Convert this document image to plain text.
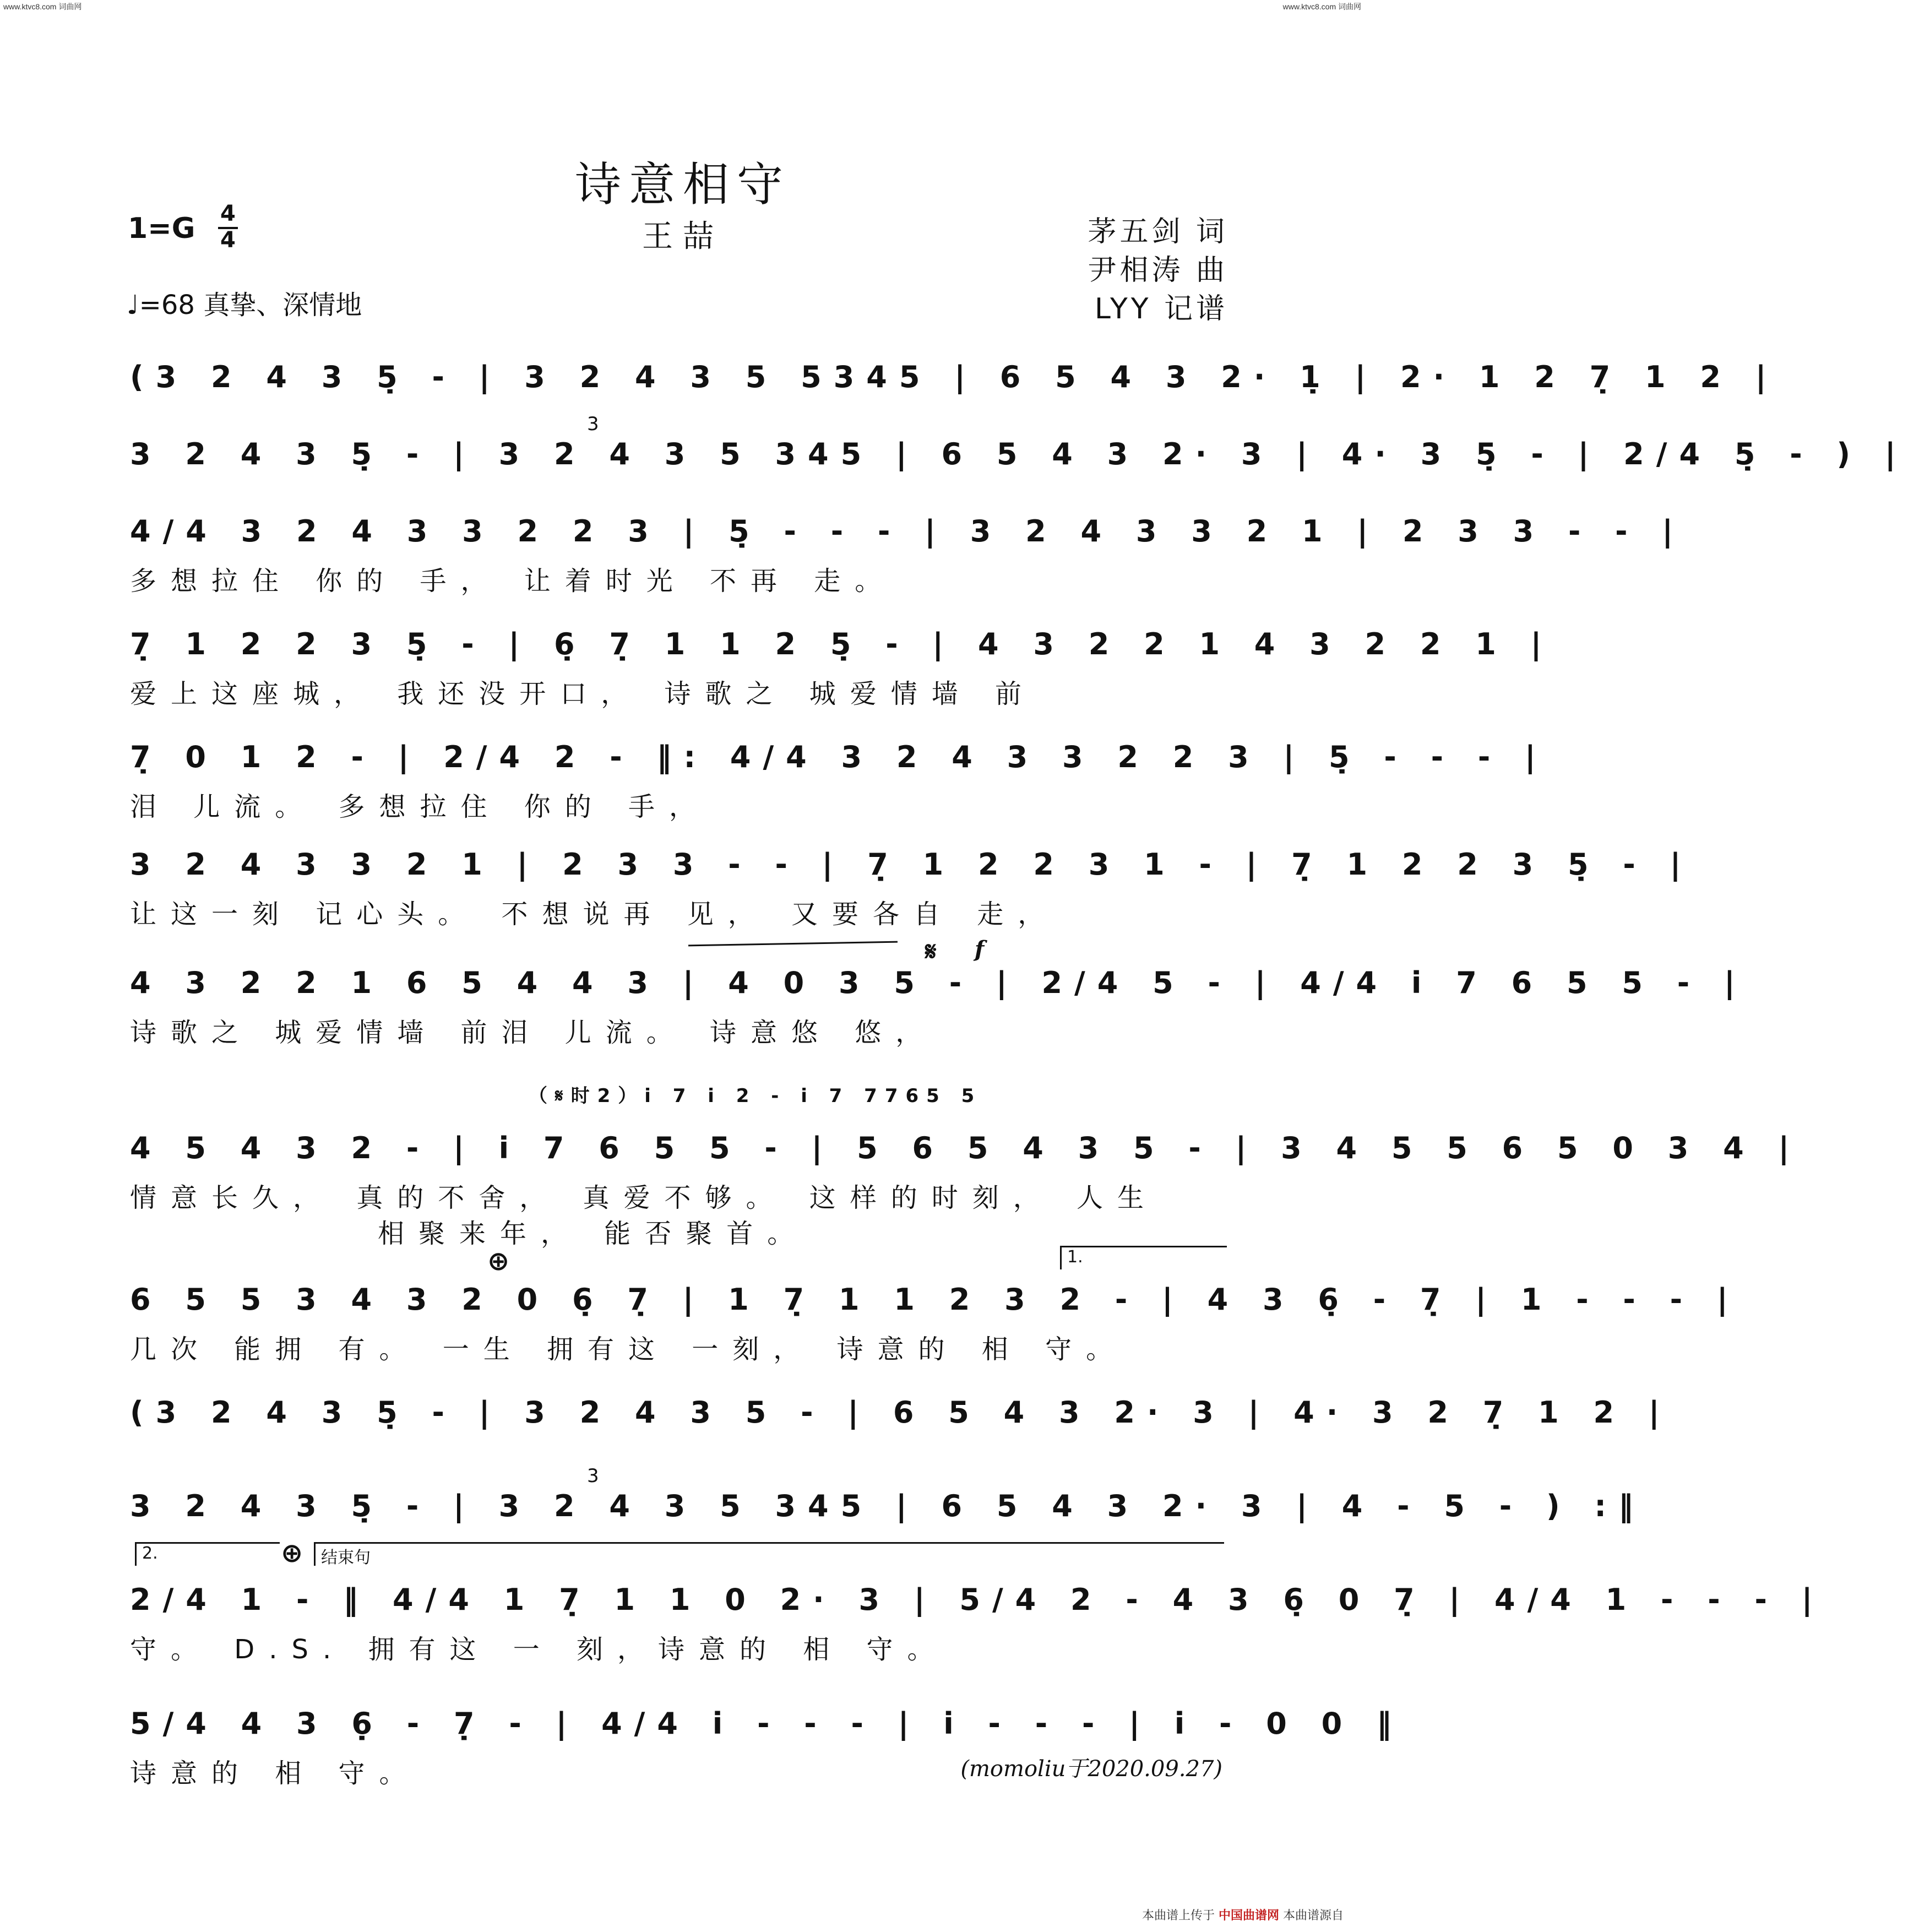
www.ktvc8.com 词曲网	www.ktvc8.com 词曲网
诗意相守
王喆
1=G 4
4
♩=68 真挚、深情地
茅五剑 词
尹相涛 曲
LYY 记谱
(3 2 4 3 5̣ - | 3 2 4 3 5 5345 | 6 5 4 3 2· 1̣ | 2· 1 2 7̣ 1 2 |
3
3 2 4 3 5̣ - | 3 2 4 3 5 345 | 6 5 4 3 2· 3 | 4· 3 5̣ - | 2/4 5̣ - ) |
4/4 3 2 4 3 3 2 2 3 | 5̣ - - - | 3 2 4 3 3 2 1 | 2 3 3 - - |
多想拉住 你的 手， 让着时光 不再 走。
7̣ 1 2 2 3 5̣ - | 6̣ 7̣ 1 1 2 5̣ - | 4 3 2 2 1 4 3 2 2 1 |
爱上这座城， 我还没开口， 诗歌之 城爱情墙 前
7̣ 0 1 2 - | 2/4 2 - ‖: 4/4 3 2 4 3 3 2 2 3 | 5̣ - - - |
泪 儿流。 多想拉住 你的 手，
3 2 4 3 3 2 1 | 2 3 3 - - | 7̣ 1 2 2 3 1 - | 7̣ 1 2 2 3 5̣ - |
让这一刻 记心头。 不想说再 见， 又要各自 走，
𝄋 f
4 3 2 2 1 6 5 4 4 3 | 4 0 3 5 - | 2/4 5 - | 4/4 i 7 6 5 5 - |
诗歌之 城爱情墙 前泪 儿流。 诗意悠 悠，
（𝄋时2）i 7 i 2 - i 7 7765 5
4 5 4 3 2 - | i 7 6 5 5 - | 5 6 5 4 3 5 - | 3 4 5 5 6 5 0 3 4 |
情意长久， 真的不舍， 真爱不够。 这样的时刻， 人生
相聚来年， 能否聚首。
⊕	1.
6 5 5 3 4 3 2 0 6̣ 7̣ | 1 7̣ 1 1 2 3 2 - | 4 3 6̣ - 7̣ | 1 - - - |
几次 能拥 有。 一生 拥有这 一刻， 诗意的 相 守。
(3 2 4 3 5̣ - | 3 2 4 3 5 - | 6 5 4 3 2· 3 | 4· 3 2 7̣ 1 2 |
3
3 2 4 3 5̣ - | 3 2 4 3 5 345 | 6 5 4 3 2· 3 | 4 - 5 - ) :‖
2.	⊕	结束句
2/4 1 - ‖ 4/4 1 7̣ 1 1 0 2· 3 | 5/4 2 - 4 3 6̣ 0 7̣ | 4/4 1 - - - |
守。 D.S. 拥有这 一 刻，诗意的 相 守。
5/4 4 3 6̣ - 7̣ - | 4/4 i - - - | i - - - | i - 0 0 ‖
诗意的 相 守。	(momoliu于2020.09.27)
本曲谱上传于 中国曲谱网 本曲谱源自
